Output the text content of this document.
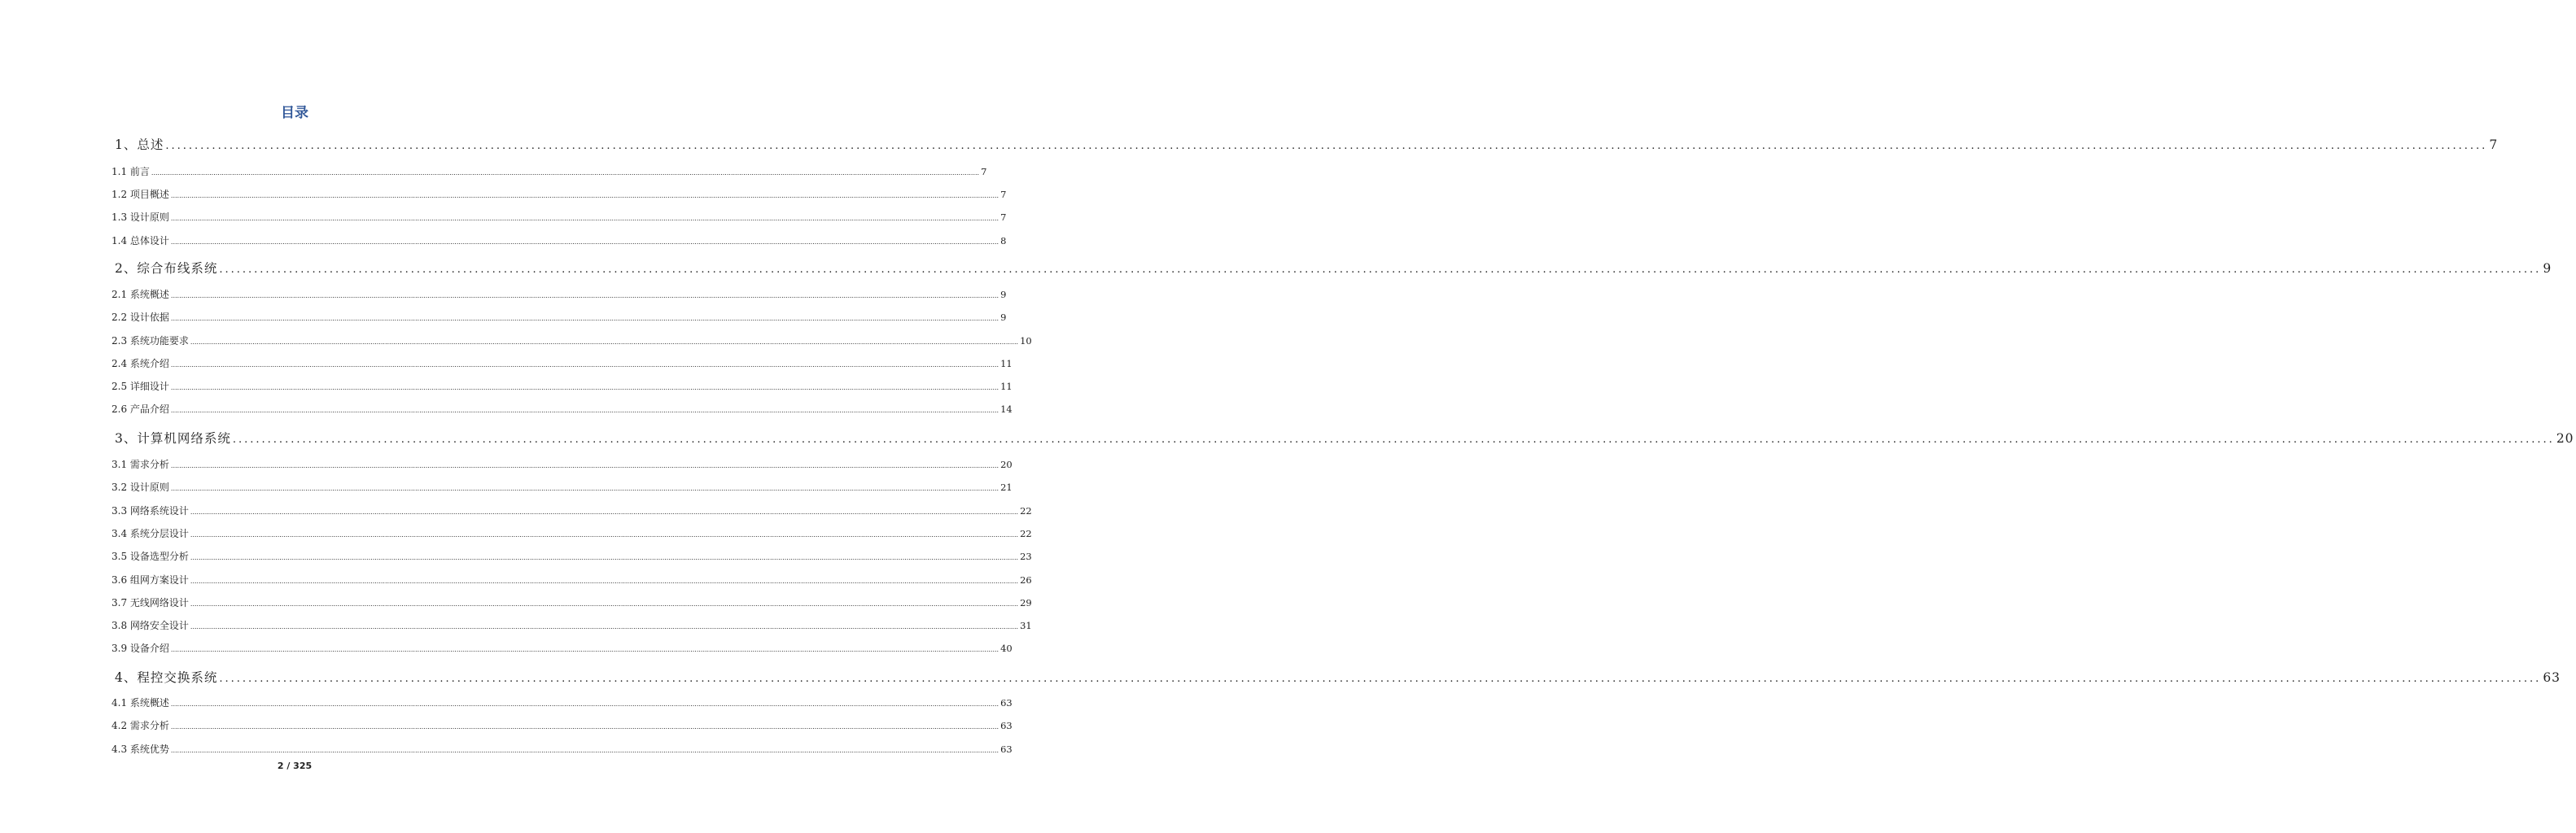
目录
1、总述 ................................................................................................................................................................................................................................................................................................................................................................................................................ 7
1.1 前言 ................................................................................................................................................................................................................................................................................................................................................................................................................ 7
1.2 项目概述 ................................................................................................................................................................................................................................................................................................................................................................................................................ 7
1.3 设计原则 ................................................................................................................................................................................................................................................................................................................................................................................................................ 7
1.4 总体设计 ................................................................................................................................................................................................................................................................................................................................................................................................................ 8
2、综合布线系统 ................................................................................................................................................................................................................................................................................................................................................................................................................ 9
2.1 系统概述 ................................................................................................................................................................................................................................................................................................................................................................................................................ 9
2.2 设计依据 ................................................................................................................................................................................................................................................................................................................................................................................................................ 9
2.3 系统功能要求 ................................................................................................................................................................................................................................................................................................................................................................................................................ 10
2.4 系统介绍 ................................................................................................................................................................................................................................................................................................................................................................................................................ 11
2.5 详细设计 ................................................................................................................................................................................................................................................................................................................................................................................................................ 11
2.6 产品介绍 ................................................................................................................................................................................................................................................................................................................................................................................................................ 14
3、计算机网络系统 ................................................................................................................................................................................................................................................................................................................................................................................................................ 20
3.1 需求分析 ................................................................................................................................................................................................................................................................................................................................................................................................................ 20
3.2 设计原则 ................................................................................................................................................................................................................................................................................................................................................................................................................ 21
3.3 网络系统设计 ................................................................................................................................................................................................................................................................................................................................................................................................................ 22
3.4 系统分层设计 ................................................................................................................................................................................................................................................................................................................................................................................................................ 22
3.5 设备选型分析 ................................................................................................................................................................................................................................................................................................................................................................................................................ 23
3.6 组网方案设计 ................................................................................................................................................................................................................................................................................................................................................................................................................ 26
3.7 无线网络设计 ................................................................................................................................................................................................................................................................................................................................................................................................................ 29
3.8 网络安全设计 ................................................................................................................................................................................................................................................................................................................................................................................................................ 31
3.9 设备介绍 ................................................................................................................................................................................................................................................................................................................................................................................................................ 40
4、程控交换系统 ................................................................................................................................................................................................................................................................................................................................................................................................................ 63
4.1 系统概述 ................................................................................................................................................................................................................................................................................................................................................................................................................ 63
4.2 需求分析 ................................................................................................................................................................................................................................................................................................................................................................................................................ 63
4.3 系统优势 ................................................................................................................................................................................................................................................................................................................................................................................................................ 63
2 / 325
